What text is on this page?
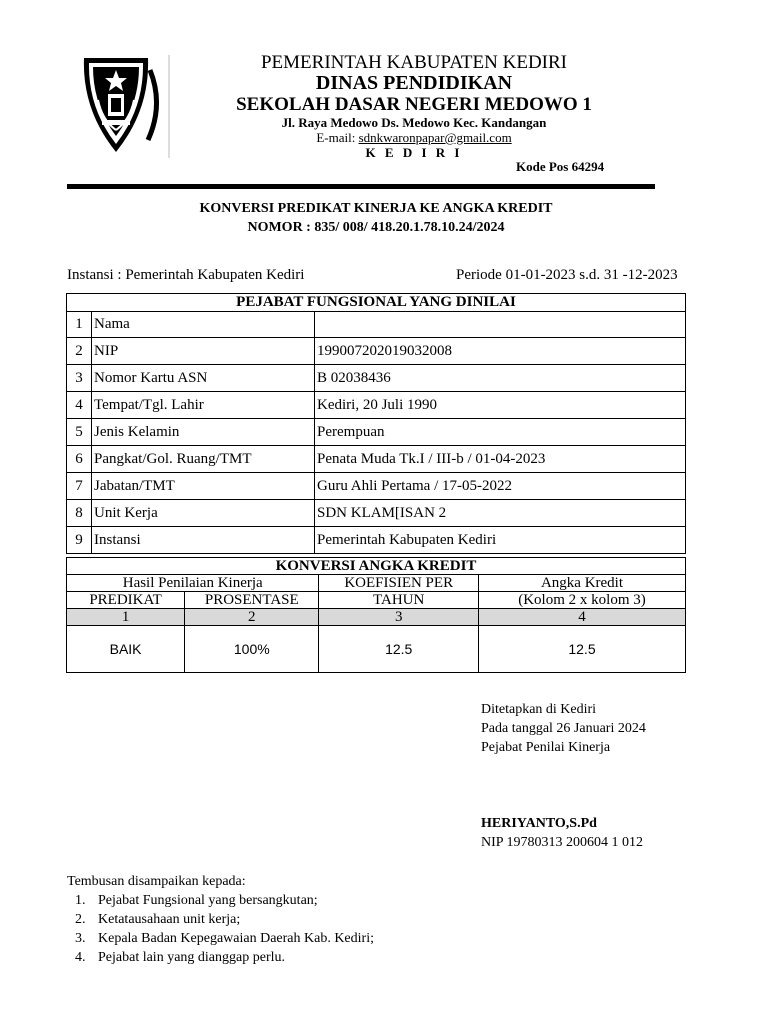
PEMERINTAH KABUPATEN KEDIRI
DINAS PENDIDIKAN
SEKOLAH DASAR NEGERI MEDOWO 1
Jl. Raya Medowo Ds. Medowo Kec. Kandangan
E-mail: sdnkwaronpapar@gmail.com
K E D I R I
Kode Pos 64294
KONVERSI PREDIKAT KINERJA KE ANGKA KREDIT
NOMOR : 835/ 008/ 418.20.1.78.10.24/2024
Instansi : Pemerintah Kabupaten Kediri	Periode 01-01-2023 s.d. 31 -12-2023
PEJABAT FUNGSIONAL YANG DINILAI		
1	Nama	
2	NIP	199007202019032008
3	Nomor Kartu ASN	B 02038436
4	Tempat/Tgl. Lahir	Kediri, 20 Juli 1990
5	Jenis Kelamin	Perempuan
6	Pangkat/Gol. Ruang/TMT	Penata Muda Tk.I / III-b / 01-04-2023
7	Jabatan/TMT	Guru Ahli Pertama / 17-05-2022
8	Unit Kerja	SDN KLAM[ISAN 2
9	Instansi	Pemerintah Kabupaten Kediri
KONVERSI ANGKA KREDIT			
Hasil Penilaian Kinerja		KOEFISIEN PER	Angka Kredit
PREDIKAT	PROSENTASE	TAHUN	(Kolom 2 x kolom 3)
1	2	3	4
BAIK	100%	12.5	12.5
Ditetapkan di Kediri
Pada tanggal 26 Januari 2024
Pejabat Penilai Kinerja
HERIYANTO,S.Pd
NIP 19780313 200604 1 012
Tembusan disampaikan kepada:
1. Pejabat Fungsional yang bersangkutan;
2. Ketatausahaan unit kerja;
3. Kepala Badan Kepegawaian Daerah Kab. Kediri;
4. Pejabat lain yang dianggap perlu.
